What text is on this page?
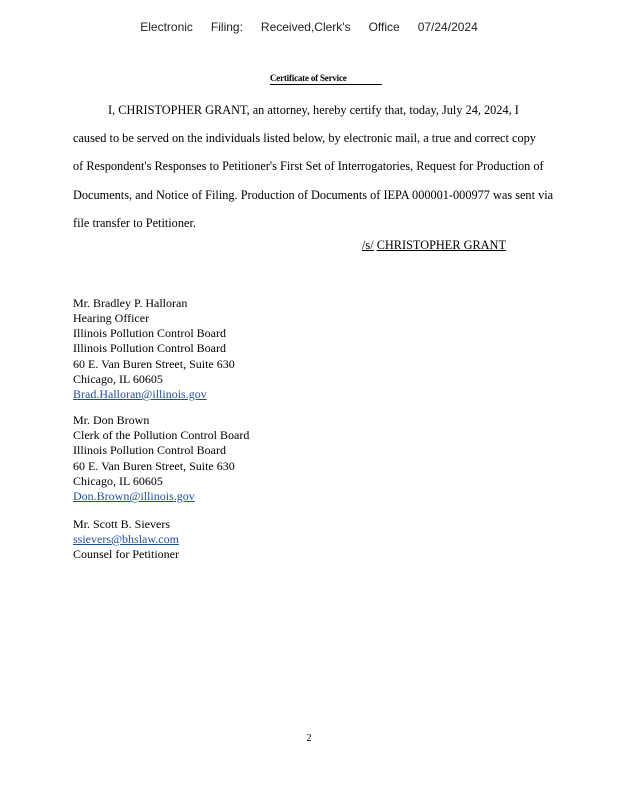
Electronic Filing: Received,Clerk's Office 07/24/2024
Certificate of Service

I, CHRISTOPHER GRANT, an attorney, hereby certify that, today, July 24, 2024, I

caused to be served on the individuals listed below, by electronic mail, a true and correct copy

of Respondent's Responses to Petitioner's First Set of Interrogatories, Request for Production of

Documents, and Notice of Filing. Production of Documents of IEPA 000001-000977 was sent via

file transfer to Petitioner.

/s/ CHRISTOPHER GRANT
Mr. Bradley P. Halloran
Hearing Officer
Illinois Pollution Control Board
Illinois Pollution Control Board
60 E. Van Buren Street, Suite 630
Chicago, IL 60605
Brad.Halloran@illinois.gov
Mr. Don Brown
Clerk of the Pollution Control Board
Illinois Pollution Control Board
60 E. Van Buren Street, Suite 630
Chicago, IL 60605
Don.Brown@illinois.gov
Mr. Scott B. Sievers
ssievers@bhslaw.com
Counsel for Petitioner
2
